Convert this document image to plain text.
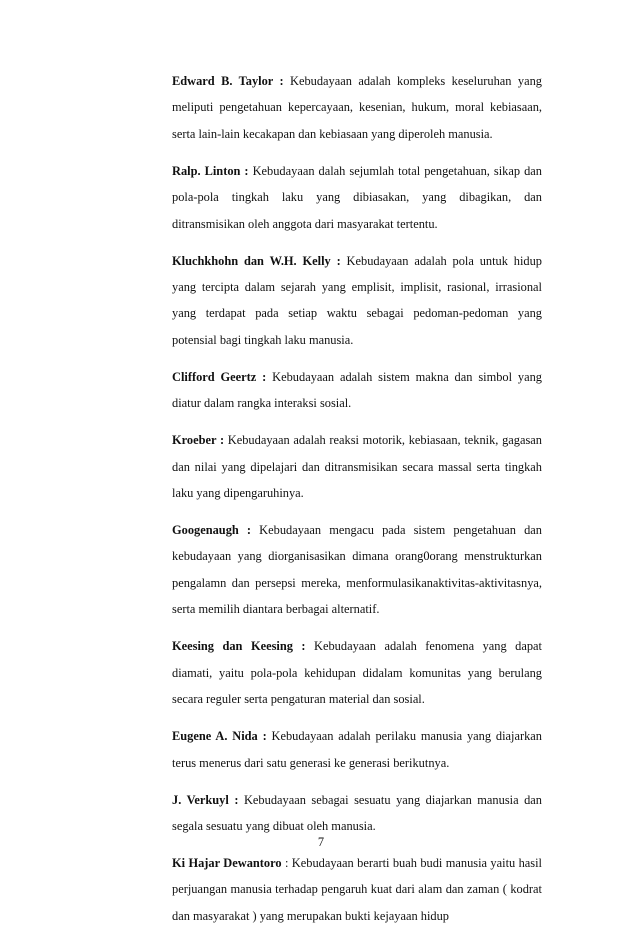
Edward B. Taylor : Kebudayaan adalah kompleks keseluruhan yang meliputi pengetahuan kepercayaan, kesenian, hukum, moral kebiasaan, serta lain-lain kecakapan dan kebiasaan yang diperoleh manusia.

Ralp. Linton : Kebudayaan dalah sejumlah total pengetahuan, sikap dan pola-pola tingkah laku yang dibiasakan, yang dibagikan, dan ditransmisikan oleh anggota dari masyarakat tertentu.

Kluchkhohn dan W.H. Kelly : Kebudayaan adalah pola untuk hidup yang tercipta dalam sejarah yang emplisit, implisit, rasional, irrasional yang terdapat pada setiap waktu sebagai pedoman-pedoman yang potensial bagi tingkah laku manusia.

Clifford Geertz : Kebudayaan adalah sistem makna dan simbol yang diatur dalam rangka interaksi sosial.

Kroeber : Kebudayaan adalah reaksi motorik, kebiasaan, teknik, gagasan dan nilai yang dipelajari dan ditransmisikan secara massal serta tingkah laku yang dipengaruhinya.

Googenaugh : Kebudayaan mengacu pada sistem pengetahuan dan kebudayaan yang diorganisasikan dimana orang0orang menstrukturkan pengalamn dan persepsi mereka, menformulasikanaktivitas-aktivitasnya, serta memilih diantara berbagai alternatif.

Keesing dan Keesing : Kebudayaan adalah fenomena yang dapat diamati, yaitu pola-pola kehidupan didalam komunitas yang berulang secara reguler serta pengaturan material dan sosial.

Eugene A. Nida : Kebudayaan adalah perilaku manusia yang diajarkan terus menerus dari satu generasi ke generasi berikutnya.

J. Verkuyl : Kebudayaan sebagai sesuatu yang diajarkan manusia dan segala sesuatu yang dibuat oleh manusia.

Ki Hajar Dewantoro : Kebudayaan berarti buah budi manusia yaitu hasil perjuangan manusia terhadap pengaruh kuat dari alam dan zaman ( kodrat dan masyarakat ) yang merupakan bukti kejayaan hidup

7
